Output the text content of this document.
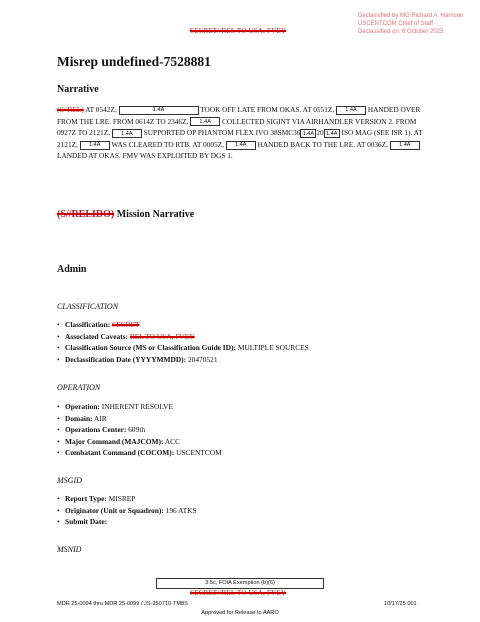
SECRET//REL TO USA, FVEY
Declassified by MG Richard A. Harrison
USCENTCOM Chief of Staff
Declassified on: 6 October 2025
Misrep undefined-7528881
Narrative
(S//REL) AT 0542Z,	1.4A	TOOK OFF LATE FROM OKAS. AT 0551Z, 1.4A HANDED OVER FROM THE LRE. FROM 0614Z TO 2346Z, 1.4A COLLECTED SIGINT VIA AIRHANDLER VERSION 2. FROM 0927Z TO 2121Z, 1.4A SUPPORTED OP PHANTOM FLEX IVO 38SMC36 1.4A 20 1.4A ISO MAG (SEE ISR 1). AT 2121Z, 1.4A WAS CLEARED TO RTB. AT 0005Z, 1.4A HANDED BACK TO THE LRE. AT 0036Z, 1.4A LANDED AT OKAS. FMV WAS EXPLOITED BY DGS 1.
(S//RELIDO) Mission Narrative
Admin
CLASSIFICATION
• Classification: SECRET
• Associated Caveats: REL TO USA, FVEY
• Classification Source (MS or Classification Guide ID): MULTIPLE SOURCES
• Declassification Date (YYYYMMDD): 20470521
OPERATION
• Operation: INHERENT RESOLVE
• Domain: AIR
• Operations Center: 609th
• Major Command (MAJCOM): ACC
• Combatant Command (COCOM): USCENTCOM
MSGID
• Report Type: MISREP
• Originator (Unit or Squadron): 196 ATKS
• Submit Date:
MSNID
3.5c, FOIA Exemption (b)(6)
SECRET//REL TO USA, FVEY
MDR 25-0094 thru MDR 25-0099 / JS-250710-TM8S	10/17/25 001
Approved for Release to AARO
